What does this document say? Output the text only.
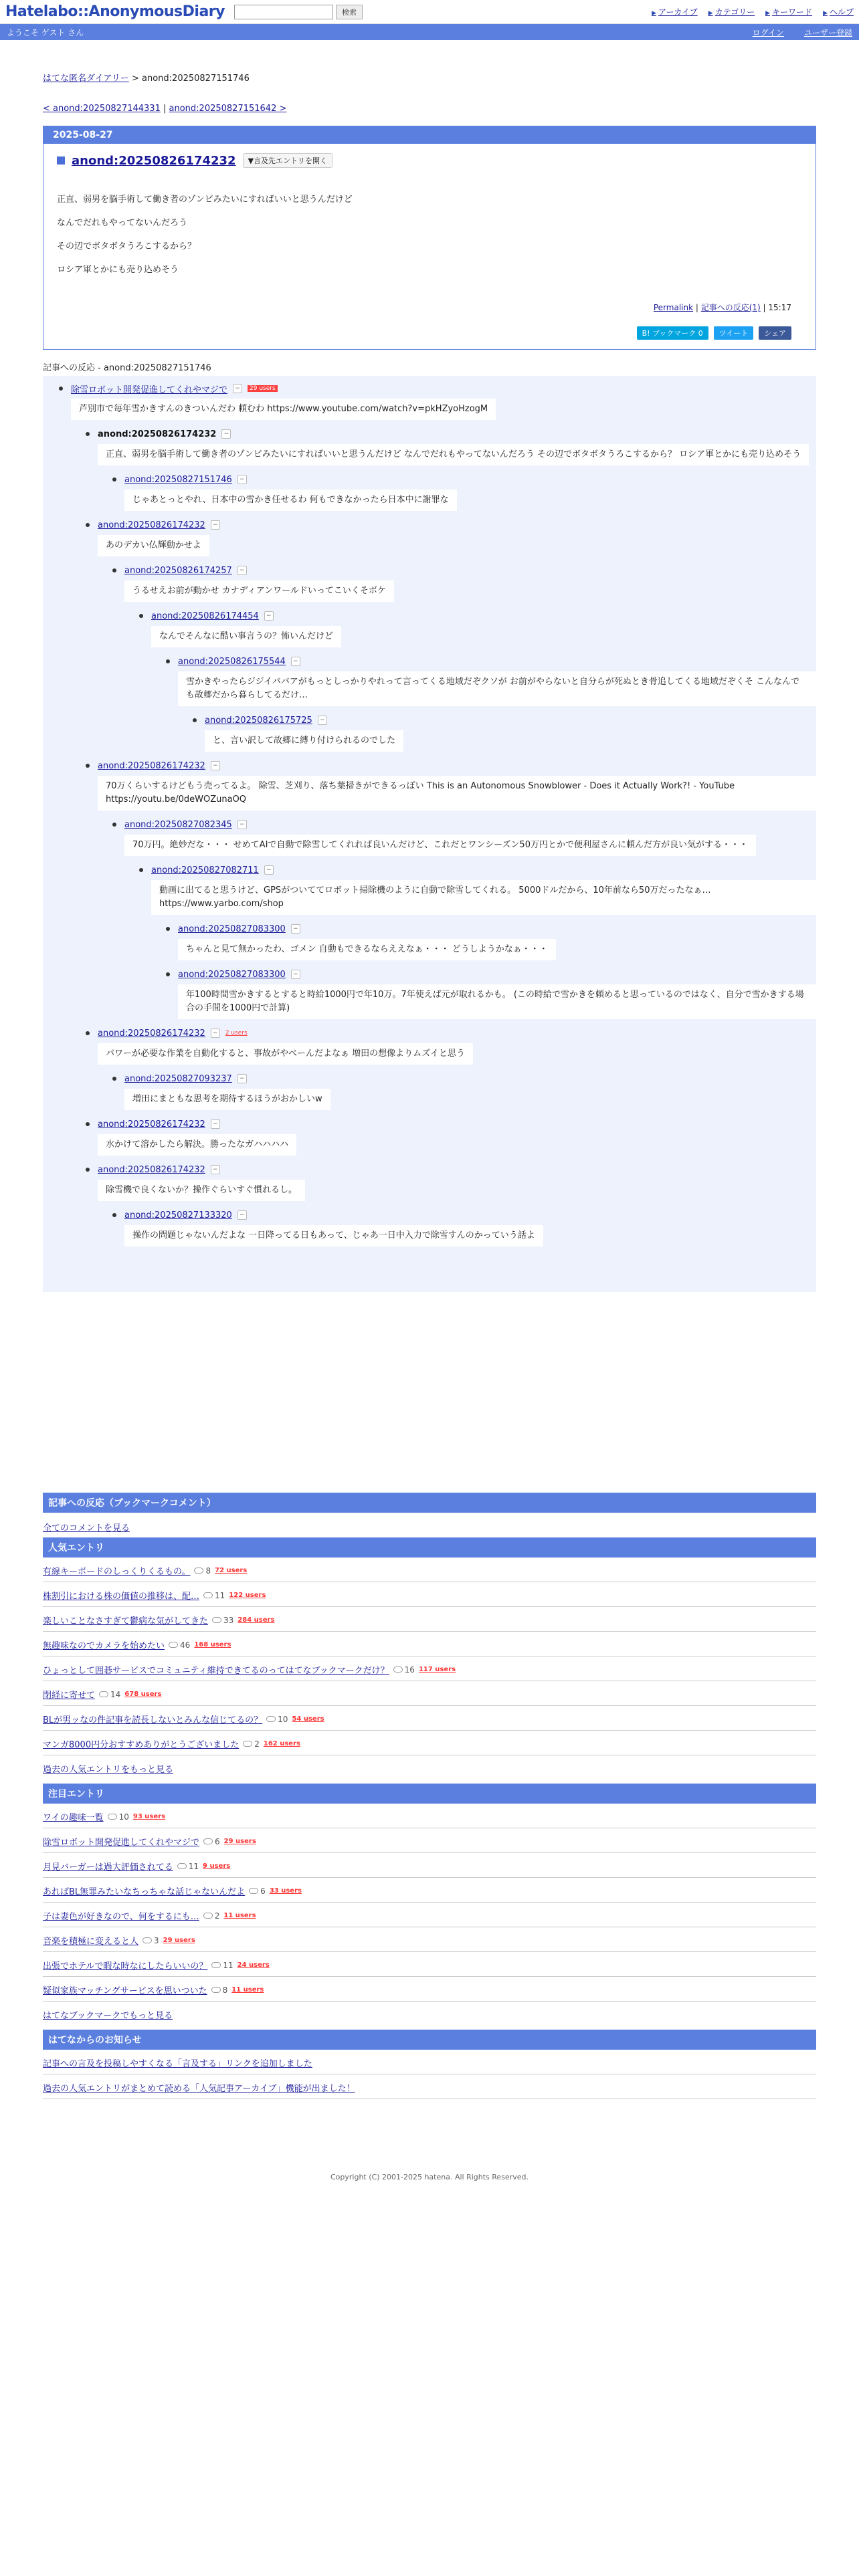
Hatelabo::AnonymousDiary	検索	▶ アーカイブ	▶ カテゴリー	▶ キーワード	▶ ヘルプ
ようこそ ゲスト さん	ログイン	ユーザー登録
はてな匿名ダイアリー > anond:20250827151746
< anond:20250827144331 | anond:20250827151642 >
2025-08-27
anond:20250826174232	▼言及先エントリを開く
正直、弱男を脳手術して働き者のゾンビみたいにすればいいと思うんだけど
なんでだれもやってないんだろう
その辺でボタボタうろこするから？
ロシア軍とかにも売り込めそう
Permalink | 記事への反応(1) | 15:17
B! ブックマーク 0	ツイート	シェア
記事への反応 - anond:20250827151746
除雪ロボット開発促進してくれやマジで	−	29 users
芦別市で毎年雪かきすんのきついんだわ 頼むわ https://www.youtube.com/watch?v=pkHZyoHzogM
anond:20250826174232	−
正直、弱男を脳手術して働き者のゾンビみたいにすればいいと思うんだけど なんでだれもやってないんだろう その辺でボタボタうろこするから？ ロシア軍とかにも売り込めそう
anond:20250827151746	−
じゃあとっとやれ、日本中の雪かき任せるわ 何もできなかったら日本中に謝罪な
anond:20250826174232	−
あのデカい仏輝動かせよ
anond:20250826174257	−
うるせえお前が動かせ カナディアンワールドいってこいくそボケ
anond:20250826174454	−
なんでそんなに酷い事言うの？怖いんだけど
anond:20250826175544	−
雪かきやったらジジイババアがもっとしっかりやれって言ってくる地域だぞクソが お前がやらないと自分らが死ぬとき骨追してくる地域だぞくそ こんなんでも故郷だから暮らしてるだけ…
anond:20250826175725	−
と、言い訳して故郷に縛り付けられるのでした
anond:20250826174232	−
70万くらいするけどもう売ってるよ。 除雪、芝刈り、落ち葉掃きができるっぽい This is an Autonomous Snowblower - Does it Actually Work?! - YouTube https://youtu.be/0deWOZunaOQ
anond:20250827082345	−
70万円。絶妙だな・・・ せめてAIで自動で除雪してくれれば良いんだけど、これだとワンシーズン50万円とかで便利屋さんに頼んだ方が良い気がする・・・
anond:20250827082711	−
動画に出てると思うけど、GPSがついててロボット掃除機のように自動で除雪してくれる。 5000ドルだから、10年前なら50万だったなぁ… https://www.yarbo.com/shop
anond:20250827083300	−
ちゃんと見て無かったわ、ゴメン 自動もできるならええなぁ・・・ どうしようかなぁ・・・
anond:20250827083300	−
年100時間雪かきするとすると時給1000円で年10万。7年使えば元が取れるかも。 (この時給で雪かきを頼めると思っているのではなく、自分で雪かきする場合の手間を1000円で計算)
anond:20250826174232	−	2 users
パワーが必要な作業を自動化すると、事故がやべーんだよなぁ 増田の想像よりムズイと思う
anond:20250827093237	−
増田にまともな思考を期待するほうがおかしいw
anond:20250826174232	−
水かけて溶かしたら解決。勝ったなガハハハハ
anond:20250826174232	−
除雪機で良くないか？操作ぐらいすぐ慣れるし。
anond:20250827133320	−
操作の問題じゃないんだよな 一日降ってる日もあって、じゃあ一日中入力で除雪すんのかっていう話よ
記事への反応（ブックマークコメント）
全てのコメントを見る
人気エントリ
有線キーボードのしっくりくるもの。 8 72 users
株割引における株の価値の推移は、配… 11 122 users
楽しいことなさすぎて鬱病な気がしてきた 33 284 users
無趣味なのでカメラを始めたい 46 168 users
ひょっとして囲碁サービスでコミュニティ維持できてるのってはてなブックマークだけ？ 16 117 users
閉経に寄せて 14 678 users
BLが男ッなの件記事を読長しないとみんな信じてるの？ 10 54 users
マンガ8000円分おすすめありがとうございました 2 162 users
過去の人気エントリをもっと見る
注目エントリ
ワイの趣味一覧 10 93 users
除雪ロボット開発促進してくれやマジで 6 29 users
月見バーガーは過大評価されてる 11 9 users
あればBL無罪みたいなちっちゃな話じゃないんだよ 6 33 users
子は妻色が好きなので、何をするにも… 2 11 users
音楽を積極に変えると人 3 29 users
出張でホテルで暇な時なにしたらいいの？ 11 24 users
疑似家族マッチングサービスを思いついた 8 11 users
はてなブックマークでもっと見る
はてなからのお知らせ
記事への言及を投稿しやすくなる「言及する」リンクを追加しました
過去の人気エントリがまとめて読める「人気記事アーカイブ」機能が出ました！
Copyright (C) 2001-2025 hatena. All Rights Reserved.
